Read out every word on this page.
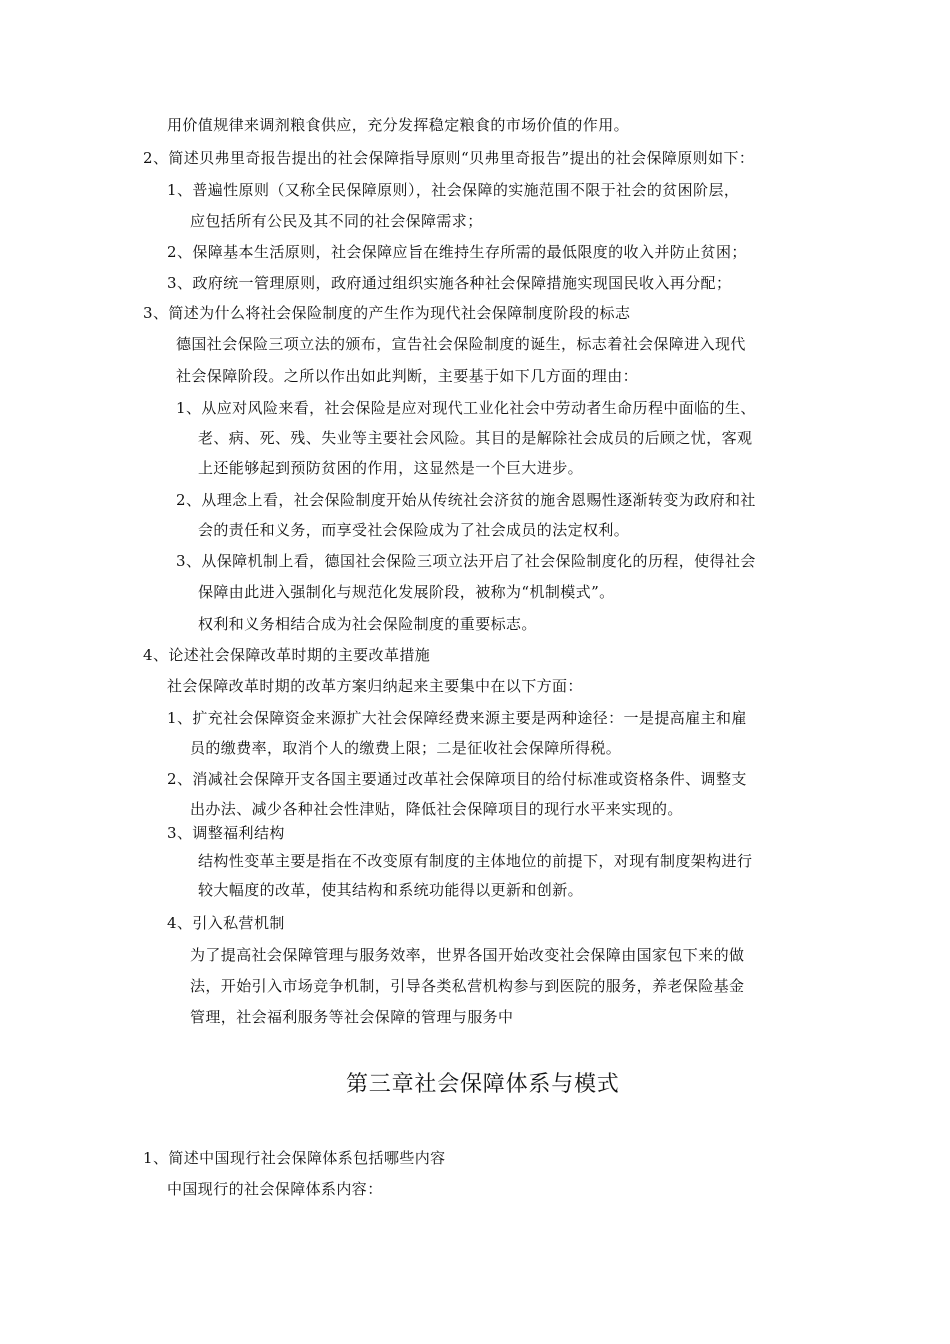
用价值规律来调剂粮食供应，充分发挥稳定粮食的市场价值的作用。
2、简述贝弗里奇报告提出的社会保障指导原则“贝弗里奇报告”提出的社会保障原则如下：
1、普遍性原则（又称全民保障原则），社会保障的实施范围不限于社会的贫困阶层，
应包括所有公民及其不同的社会保障需求；
2、保障基本生活原则，社会保障应旨在维持生存所需的最低限度的收入并防止贫困；
3、政府统一管理原则，政府通过组织实施各种社会保障措施实现国民收入再分配；
3、简述为什么将社会保险制度的产生作为现代社会保障制度阶段的标志
德国社会保险三项立法的颁布，宣告社会保险制度的诞生，标志着社会保障进入现代
社会保障阶段。之所以作出如此判断，主要基于如下几方面的理由：
1、从应对风险来看，社会保险是应对现代工业化社会中劳动者生命历程中面临的生、
老、病、死、残、失业等主要社会风险。其目的是解除社会成员的后顾之忧，客观
上还能够起到预防贫困的作用，这显然是一个巨大进步。
2、从理念上看，社会保险制度开始从传统社会济贫的施舍恩赐性逐渐转变为政府和社
会的责任和义务，而享受社会保险成为了社会成员的法定权利。
3、从保障机制上看，德国社会保险三项立法开启了社会保险制度化的历程，使得社会
保障由此进入强制化与规范化发展阶段，被称为“机制模式”。
权利和义务相结合成为社会保险制度的重要标志。
4、论述社会保障改革时期的主要改革措施
社会保障改革时期的改革方案归纳起来主要集中在以下方面：
1、扩充社会保障资金来源扩大社会保障经费来源主要是两种途径：一是提高雇主和雇
员的缴费率，取消个人的缴费上限；二是征收社会保障所得税。
2、消减社会保障开支各国主要通过改革社会保障项目的给付标准或资格条件、调整支
出办法、减少各种社会性津贴，降低社会保障项目的现行水平来实现的。
3、调整福利结构
结构性变革主要是指在不改变原有制度的主体地位的前提下，对现有制度架构进行
较大幅度的改革，使其结构和系统功能得以更新和创新。
4、引入私营机制
为了提高社会保障管理与服务效率，世界各国开始改变社会保障由国家包下来的做
法，开始引入市场竞争机制，引导各类私营机构参与到医院的服务，养老保险基金
管理，社会福利服务等社会保障的管理与服务中
第三章社会保障体系与模式
1、简述中国现行社会保障体系包括哪些内容
中国现行的社会保障体系内容：
